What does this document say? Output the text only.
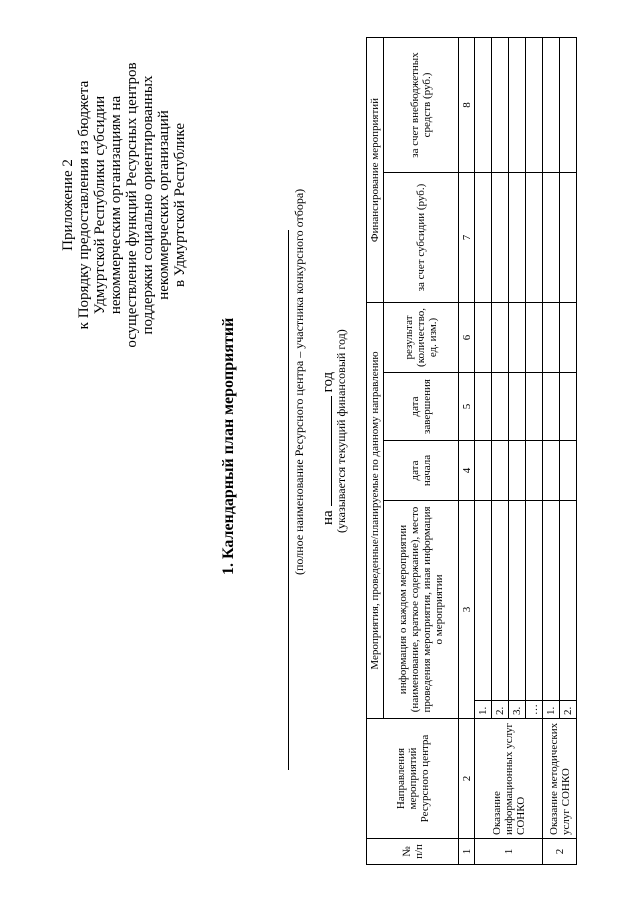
Приложение 2 к Порядку предоставления из бюджета Удмуртской Республики субсидии некоммерческим организациям на осуществление функций Ресурсных центров поддержки социально ориентированных некоммерческих организаций в Удмуртской Республике
1. Календарный план мероприятий	(полное наименование Ресурсного центра – участника конкурсного отбора) нагод
(указывается текущий финансовый год)
№ п/п	Направления мероприятий Ресурсного центра	Мероприятия, проведенные/планируемые по данному направлению					Финансирование мероприятий	
		информация о каждом мероприятии (наименование, краткое содержание), место проведения мероприятия, иная информация о мероприятии		дата начала	дата завершения	результат (количество, ед. изм.)	за счет субсидии (руб.)	за счет внебюджетных средств (руб.)
1	2	3		4	5	6	7	8
1	Оказание информационных услуг СОНКО	1.						
		2.						
		3.						
		…						
2	Оказание методических услуг СОНКО	1.						
		2.						
